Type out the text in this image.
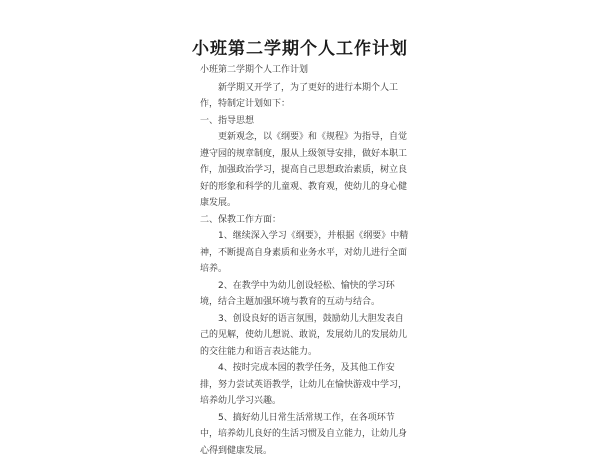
小班第二学期个人工作计划

小班第二学期个人工作计划

新学期又开学了，为了更好的进行本期个人工作，特制定计划如下：

一、指导思想

更新观念，以《纲要》和《规程》为指导，自觉遵守园的规章制度，服从上级领导安排，做好本职工作，加强政治学习，提高自己思想政治素质，树立良好的形象和科学的儿童观、教育观，使幼儿的身心健康发展。

二、保教工作方面：

1、继续深入学习《纲要》，并根据《纲要》中精神，不断提高自身素质和业务水平，对幼儿进行全面培养。

2、在教学中为幼儿创设轻松、愉快的学习环境，结合主题加强环境与教育的互动与结合。

3、创设良好的语言氛围，鼓励幼儿大胆发表自己的见解，使幼儿想说、敢说，发展幼儿的发展幼儿的交往能力和语言表达能力。

4、按时完成本园的教学任务，及其他工作安排，努力尝试英语教学，让幼儿在愉快游戏中学习，培养幼儿学习兴趣。

5、搞好幼儿日常生活常规工作，在各项环节中，培养幼儿良好的生活习惯及自立能力，让幼儿身心得到健康发展。
